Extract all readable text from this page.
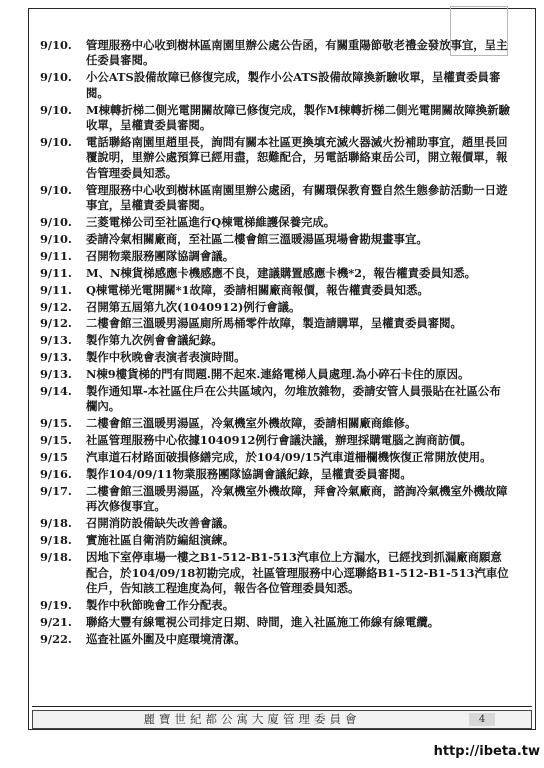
9/10.	管理服務中心收到樹林區南園里辦公處公告函，有關重陽節敬老禮金發放事宜，呈主任委員審閱。
9/10.	小公ATS設備故障已修復完成，製作小公ATS設備故障換新驗收單，呈權責委員審閱。
9/10.	M棟轉折梯二側光電開關故障已修復完成，製作M棟轉折梯二側光電開關故障換新驗收單，呈權責委員審閱。
9/10.	電話聯絡南園里趙里長，詢問有關本社區更換填充滅火器滅火扮補助事宜，趙里長回覆說明，里辦公處預算已經用盡，恕難配合，另電話聯絡東岳公司，開立報價單，報告管理委員知悉。
9/10.	管理服務中心收到樹林區南園里辦公處函，有關環保教育暨自然生態參訪活動一日遊事宜，呈權責委員審閱。
9/10.	三菱電梯公司至社區進行Q棟電梯維護保養完成。
9/10.	委請冷氣相關廠商，至社區二樓會館三溫暖湯區現場會勘規畫事宜。
9/11.	召開物業服務團隊協調會議。
9/11.	M、N棟貨梯感應卡機感應不良，建議購置感應卡機*2，報告權責委員知悉。
9/11.	Q棟電梯光電開關*1故障，委請相關廠商報價，報告權責委員知悉。
9/12.	召開第五屆第九次(1040912)例行會議。
9/12.	二樓會館三溫暖男湯區廁所馬桶零件故障，製造請購單，呈權責委員審閱。
9/13.	製作第九次例會會議紀錄。
9/13.	製作中秋晚會表演者表演時間。
9/13.	N棟9樓貨梯的門有問題.開不起來.連絡電梯人員處理.為小碎石卡住的原因。
9/14.	製作通知單-本社區住戶在公共區域內，勿堆放雜物，委請安管人員張貼在社區公布欄內。
9/15.	二樓會館三溫暖男湯區，冷氣機室外機故障，委請相關廠商維修。
9/15.	社區管理服務中心依據1040912例行會議決議，辦理採購電腦之詢商訪價。
9/15	汽車道石材路面破損修繕完成，於104/09/15汽車道柵欄機恢復正常開放使用。
9/16.	製作104/09/11物業服務團隊協調會議紀錄，呈權責委員審閱。
9/17.	二樓會館三溫暖男湯區，冷氣機室外機故障，拜會冷氣廠商，諮詢冷氣機室外機故障再次修復事宜。
9/18.	召開消防設備缺失改善會議。
9/18.	實施社區自衛消防編組演練。
9/18.	因地下室停車場一樓之B1-512-B1-513汽車位上方漏水，已經找到抓漏廠商願意配合，於104/09/18初勘完成，社區管理服務中心逕聯絡B1-512-B1-513汽車位住戶，告知該工程進度為何，報告各位管理委員知悉。
9/19.	製作中秋節晚會工作分配表。
9/21.	聯絡大豐有線電視公司排定日期、時間，進入社區施工佈線有線電纜。
9/22.	巡查社區外圍及中庭環境清潔。
麗寶世紀都公寓大廈管理委員會	4
http://ibeta.tw
